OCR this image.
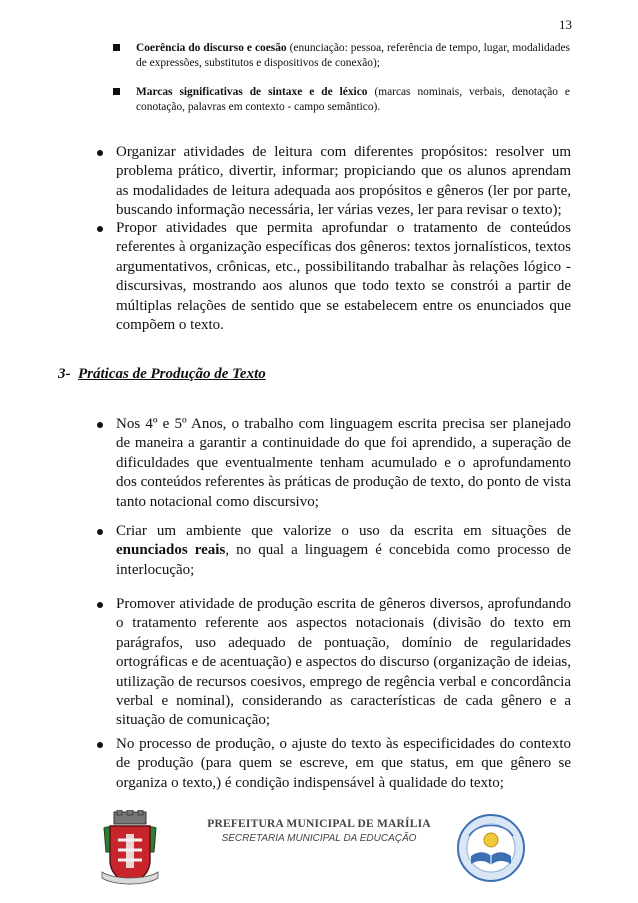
13
Coerência do discurso e coesão (enunciação: pessoa, referência de tempo, lugar, modalidades de expressões, substitutos e dispositivos de conexão);
Marcas significativas de sintaxe e de léxico (marcas nominais, verbais, denotação e conotação, palavras em contexto - campo semântico).
Organizar atividades de leitura com diferentes propósitos: resolver um problema prático, divertir, informar; propiciando que os alunos aprendam as modalidades de leitura adequada aos propósitos e gêneros (ler por parte, buscando informação necessária, ler várias vezes, ler para revisar o texto);
Propor atividades que permita aprofundar o tratamento de conteúdos referentes à organização específicas dos gêneros: textos jornalísticos, textos argumentativos, crônicas, etc., possibilitando trabalhar às relações lógico - discursivas, mostrando aos alunos que todo texto se constrói a partir de múltiplas relações de sentido que se estabelecem entre os enunciados que compõem o texto.
3- Práticas de Produção de Texto
Nos 4º e 5º Anos, o trabalho com linguagem escrita precisa ser planejado de maneira a garantir a continuidade do que foi aprendido, a superação de dificuldades que eventualmente tenham acumulado e o aprofundamento dos conteúdos referentes às práticas de produção de texto, do ponto de vista tanto notacional como discursivo;
Criar um ambiente que valorize o uso da escrita em situações de enunciados reais, no qual a linguagem é concebida como processo de interlocução;
Promover atividade de produção escrita de gêneros diversos, aprofundando o tratamento referente aos aspectos notacionais (divisão do texto em parágrafos, uso adequado de pontuação, domínio de regularidades ortográficas e de acentuação) e aspectos do discurso (organização de ideias, utilização de recursos coesivos, emprego de regência verbal e concordância verbal e nominal), considerando as características de cada gênero e a situação de comunicação;
No processo de produção, o ajuste do texto às especificidades do contexto de produção (para quem se escreve, em que status, em que gênero se organiza o texto,) é condição indispensável à qualidade do texto;
PREFEITURA MUNICIPAL DE MARÍLIA
SECRETARIA MUNICIPAL DA EDUCAÇÃO
